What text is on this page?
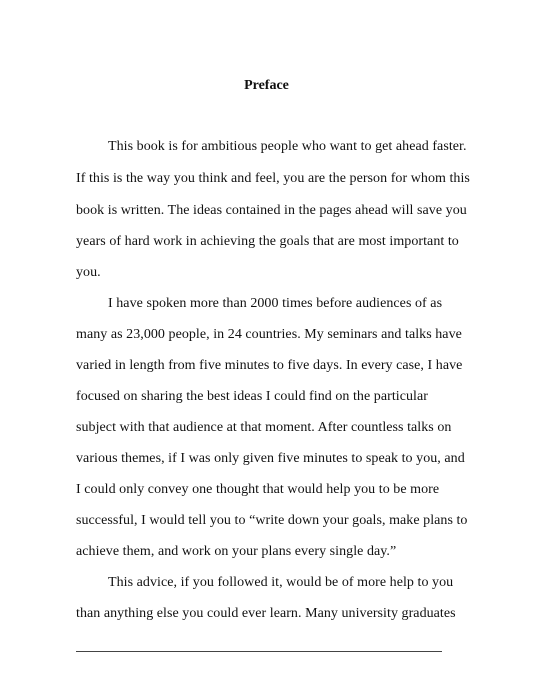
Preface
This book is for ambitious people who want to get ahead faster.
If this is the way you think and feel, you are the person for whom this
book is written. The ideas contained in the pages ahead will save you
years of hard work in achieving the goals that are most important to
you.
I have spoken more than 2000 times before audiences of as
many as 23,000 people, in 24 countries. My seminars and talks have
varied in length from five minutes to five days. In every case, I have
focused on sharing the best ideas I could find on the particular
subject with that audience at that moment. After countless talks on
various themes, if I was only given five minutes to speak to you, and
I could only convey one thought that would help you to be more
successful, I would tell you to “write down your goals, make plans to
achieve them, and work on your plans every single day.”
This advice, if you followed it, would be of more help to you
than anything else you could ever learn. Many university graduates
